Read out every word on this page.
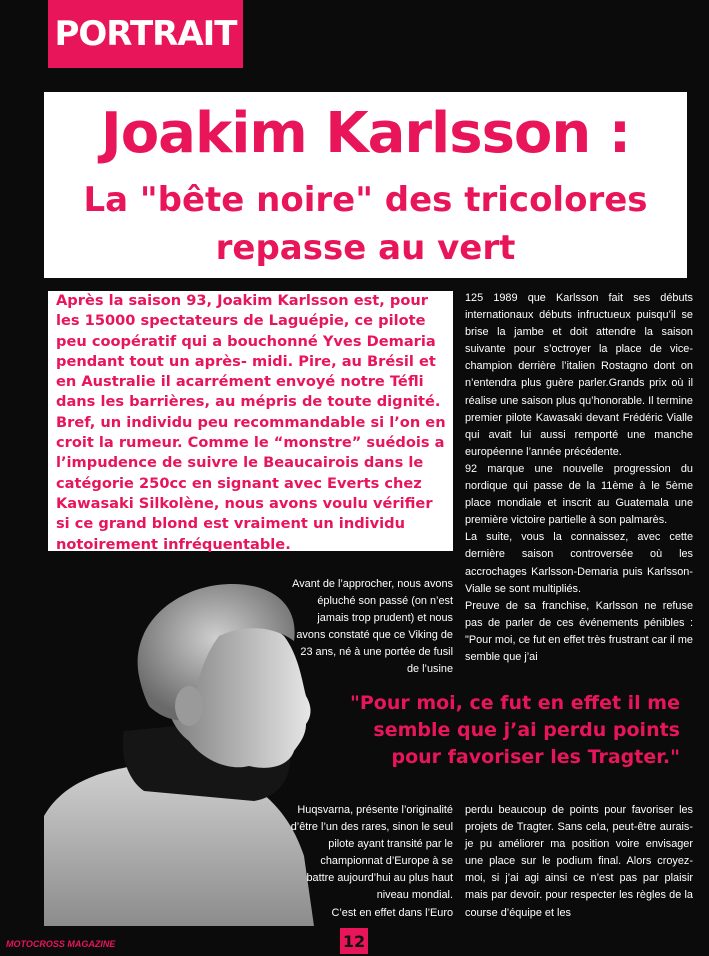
PORTRAIT
Joakim Karlsson :
La "bête noire" des tricolores
repasse au vert
Après la saison 93, Joakim Karlsson est, pour les 15000 spectateurs de Laguépie, ce pilote peu coopératif qui a bouchonné Yves Demaria pendant tout un après- midi. Pire, au Brésil et en Australie il acarrément envoyé notre Téfli dans les barrières, au mépris de toute dignité. Bref, un individu peu recommandable si l’on en croit la rumeur. Comme le “monstre” suédois a l’impudence de suivre le Beaucairois dans le catégorie 250cc en signant avec Everts chez Kawasaki Silkolène, nous avons voulu vérifier si ce grand blond est vraiment un individu notoirement infréquentable.

125 1989 que Karlsson fait ses débuts internationaux débuts infructueux puisqu’il se brise la jambe et doit attendre la saison suivante pour s’octroyer la place de vice-champion derrière l’italien Rostagno dont on n’entendra plus guère parler.Grands prix où il réalise une saison plus qu’honorable. Il termine premier pilote Kawasaki devant Frédéric Vialle qui avait lui aussi remporté une manche européenne l’année précédente.

92 marque une nouvelle progression du nordique qui passe de la 11ème à le 5ème place mondiale et inscrit au Guatemala une première victoire partielle à son palmarès.

La suite, vous la connaissez, avec cette dernière saison controversée où les accrochages Karlsson-Demaria puis Karlsson-Vialle se sont multipliés.

Preuve de sa franchise, Karlsson ne refuse pas de parler de ces événements pénibles : "Pour moi, ce fut en effet très frustrant car il me semble que j’ai

Avant de l’approcher, nous avons épluché son passé (on n’est jamais trop prudent) et nous avons constaté que ce Viking de 23 ans, né à une portée de fusil de l’usine
"Pour moi, ce fut en effet il me semble que j’ai perdu points pour favoriser les Tragter."
Huqsvarna, présente l’originalité d’être l’un des rares, sinon le seul pilote ayant transité par le championnat d’Europe à se battre aujourd’hui au plus haut niveau mondial.
C’est en effet dans l’Euro
perdu beaucoup de points pour favoriser les projets de Tragter. Sans cela, peut-être aurais-je pu améliorer ma position voire envisager une place sur le podium final. Alors croyez-moi, si j’ai agi ainsi ce n’est pas par plaisir mais par devoir. pour respecter les règles de la course d’équipe et les
MOTOCROSS MAGAZINE	12
